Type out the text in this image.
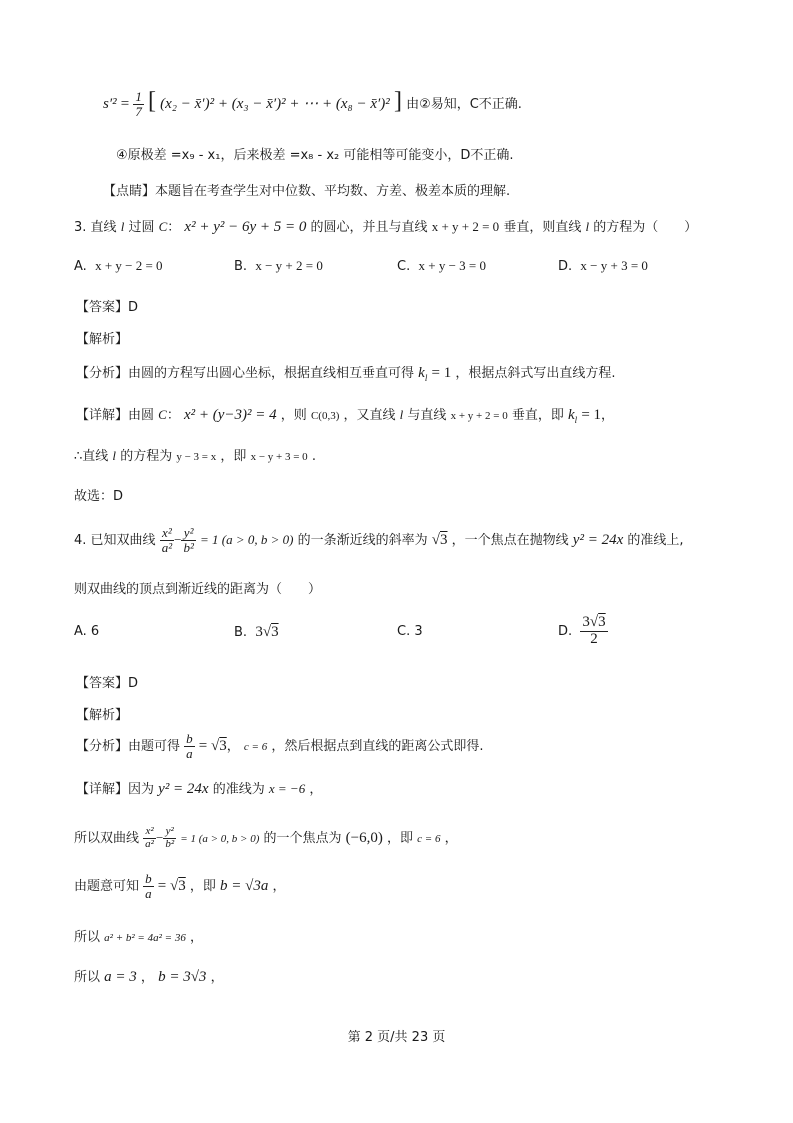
$s'^2 = \frac{1}{7}$ [ (x₂ − x̄′)² + (x₃ − x̄′)² + ⋯ + (x₈ − x̄′)² ] 由②易知，C不正确.
④原极差 =x₉ - x₁，后来极差 =x₈ - x₂ 可能相等可能变小，D不正确.
【点睛】本题旨在考查学生对中位数、平均数、方差、极差本质的理解.
3. 直线 l 过圆 C： x² + y² − 6y + 5 = 0 的圆心，并且与直线 x + y + 2 = 0 垂直，则直线 l 的方程为（　　）
A. x + y − 2 = 0	B. x − y + 2 = 0	C. x + y − 3 = 0	D. x − y + 3 = 0
【答案】D
【解析】
【分析】由圆的方程写出圆心坐标，根据直线相互垂直可得 $k_l = 1$ ，根据点斜式写出直线方程.
【详解】由圆 C： x² + (y−3)² = 4 ，则 C(0,3) ，又直线 l 与直线 x + y + 2 = 0 垂直，即 $k_l = 1$，
∴直线 l 的方程为 y − 3 = x ，即 x − y + 3 = 0 .
故选：D
4. 已知双曲线 $\frac{\text{x²}}{\text{a²}} - \frac{\text{y²}}{\text{b²}} = 1$ (a > 0, b > 0) 的一条渐近线的斜率为 √3 ，一个焦点在抛物线 y² = 24x 的准线上,
则双曲线的顶点到渐近线的距离为（　　）
A. 6	B. 3√3	C. 3	D. $\frac{3√3}{2}$
【答案】D
【解析】
【分析】由题可得 $\frac{b}{a} = √3$， c = 6 ，然后根据点到直线的距离公式即得.
【详解】因为 y² = 24x 的准线为 x = −6 ，
所以双曲线 $\frac{\text{x²}}{\text{a²}} - \frac{\text{y²}}{\text{b²}} = 1$ (a > 0, b > 0) 的一个焦点为 (−6,0) ，即 c = 6 ，
由题意可知 $\frac{b}{a} = √3$ ，即 b = √3a ，
所以 a² + b² = 4a² = 36 ，
所以 a = 3 ， b = 3√3 ，
第 2 页/共 23 页
